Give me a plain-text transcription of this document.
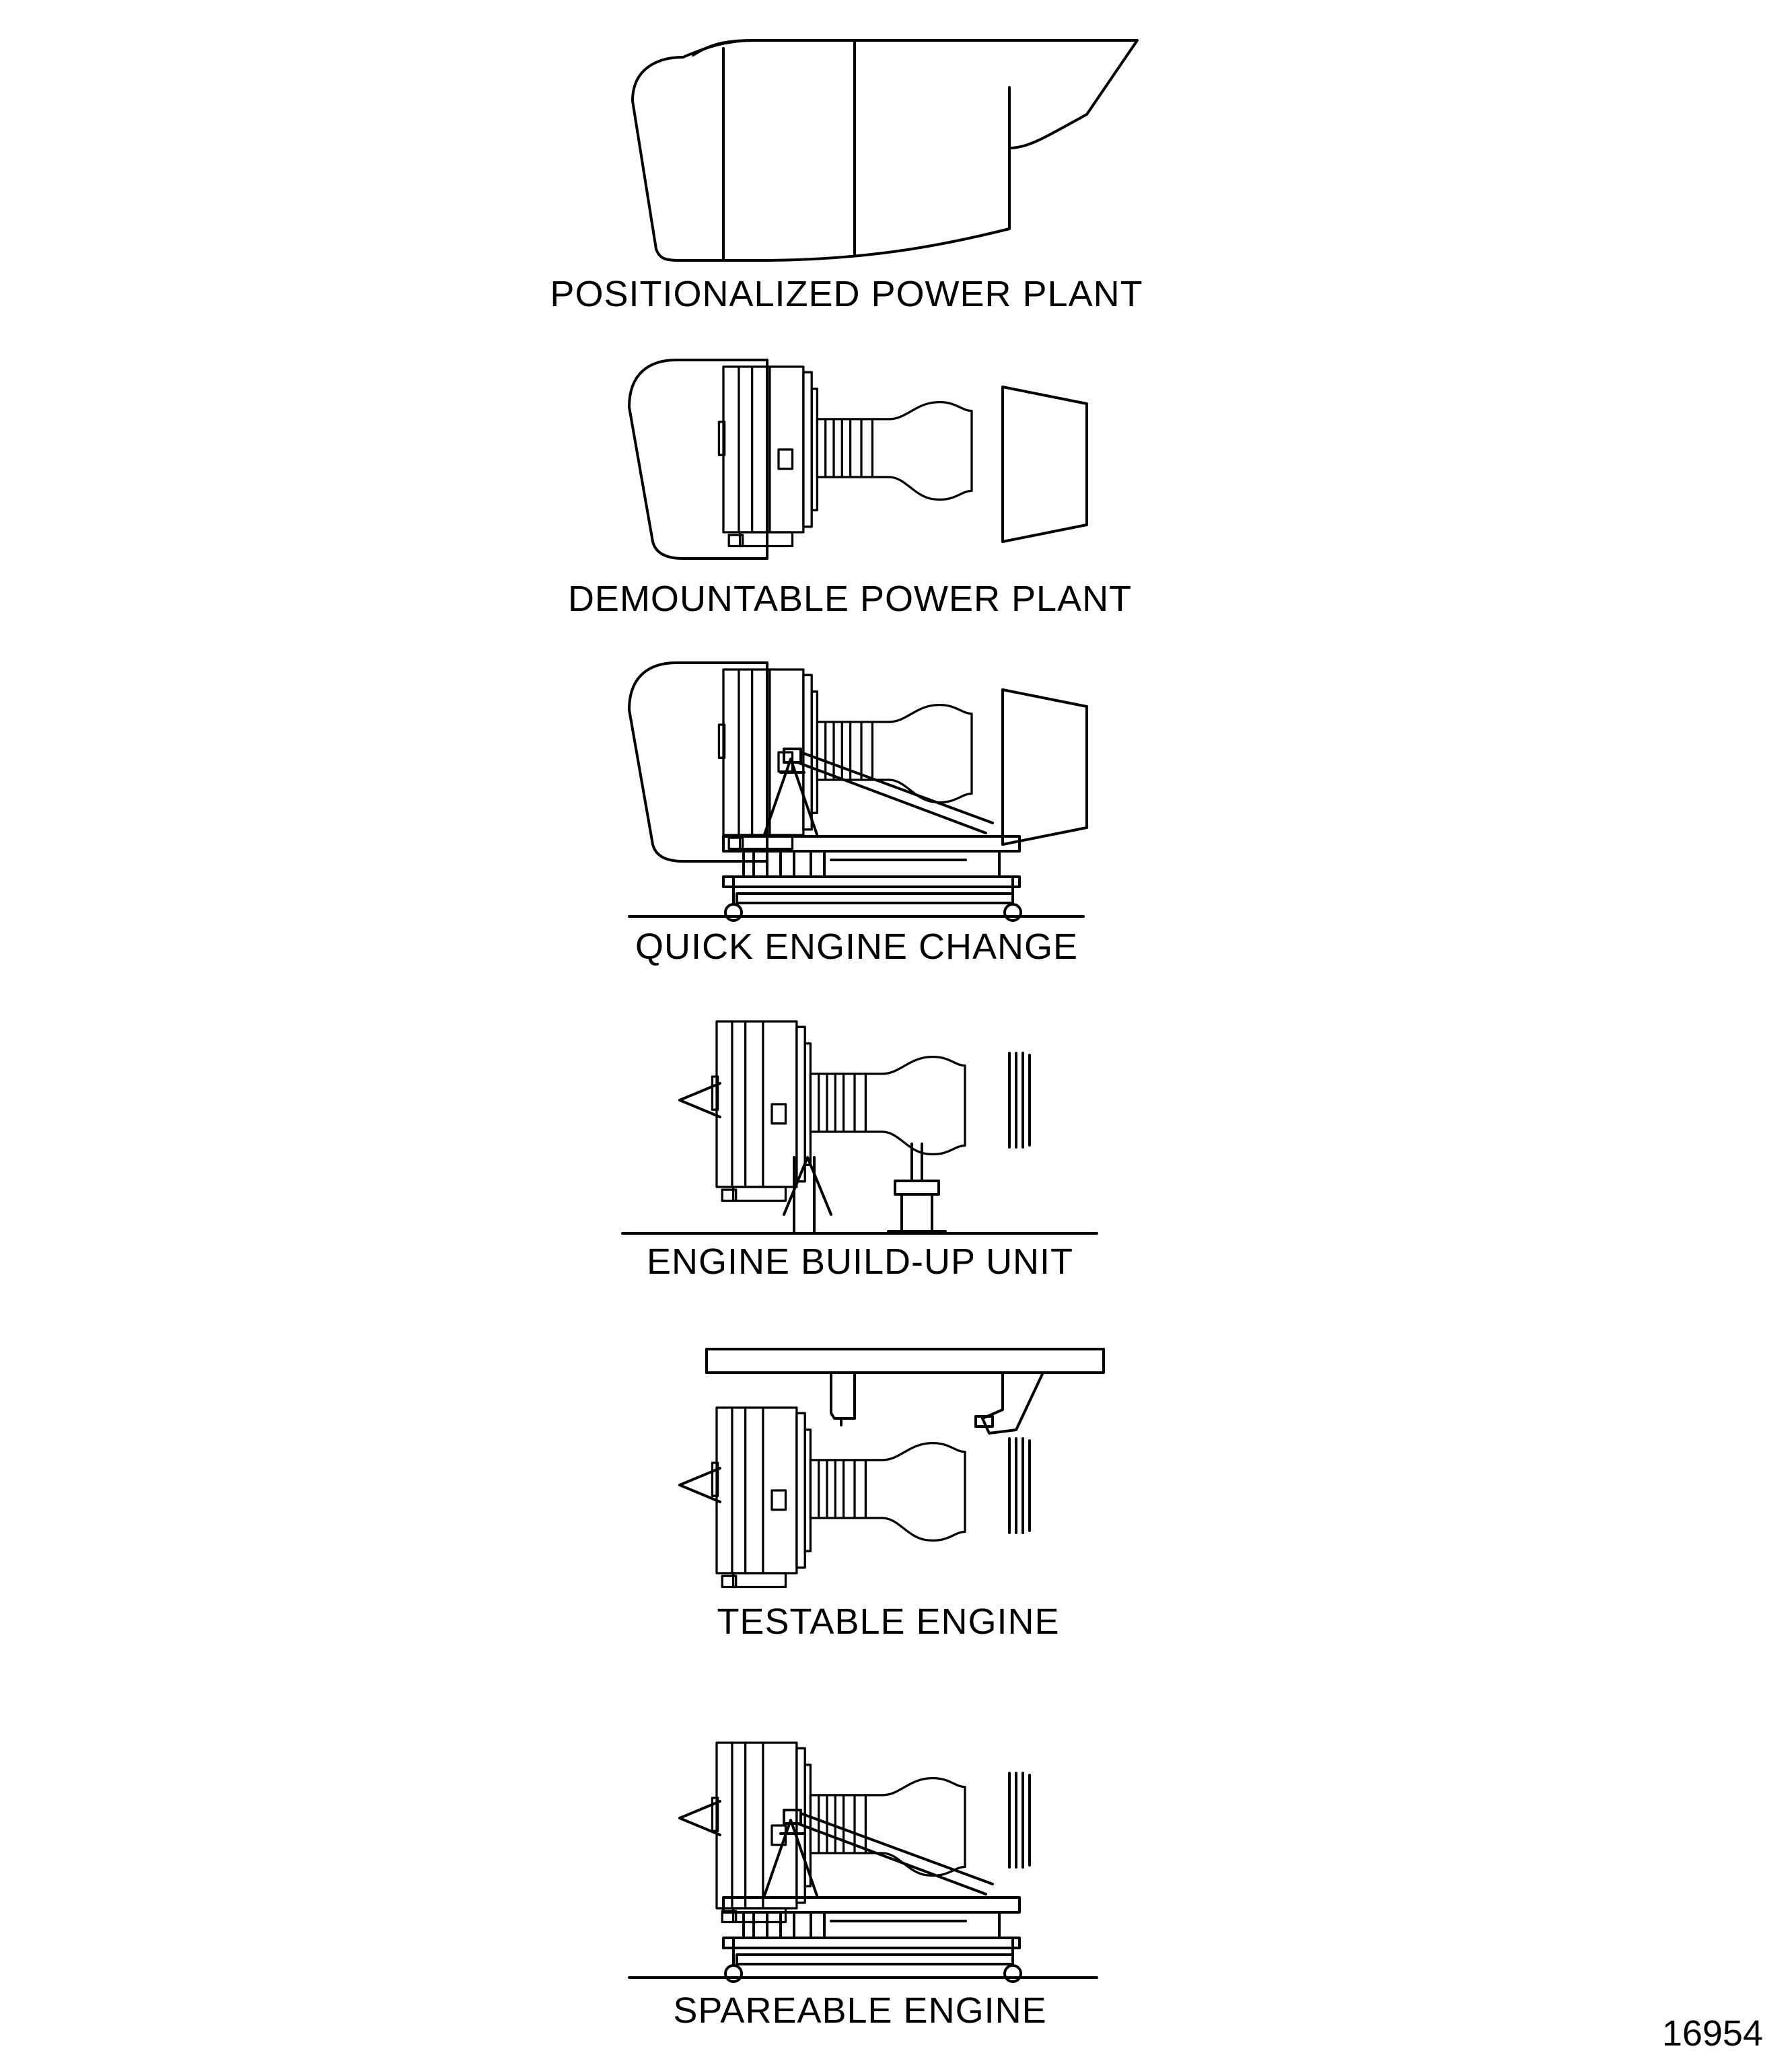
POSITIONALIZED POWER PLANT
DEMOUNTABLE POWER PLANT
QUICK ENGINE CHANGE
ENGINE BUILD-UP UNIT
TESTABLE ENGINE
SPAREABLE ENGINE
16954
